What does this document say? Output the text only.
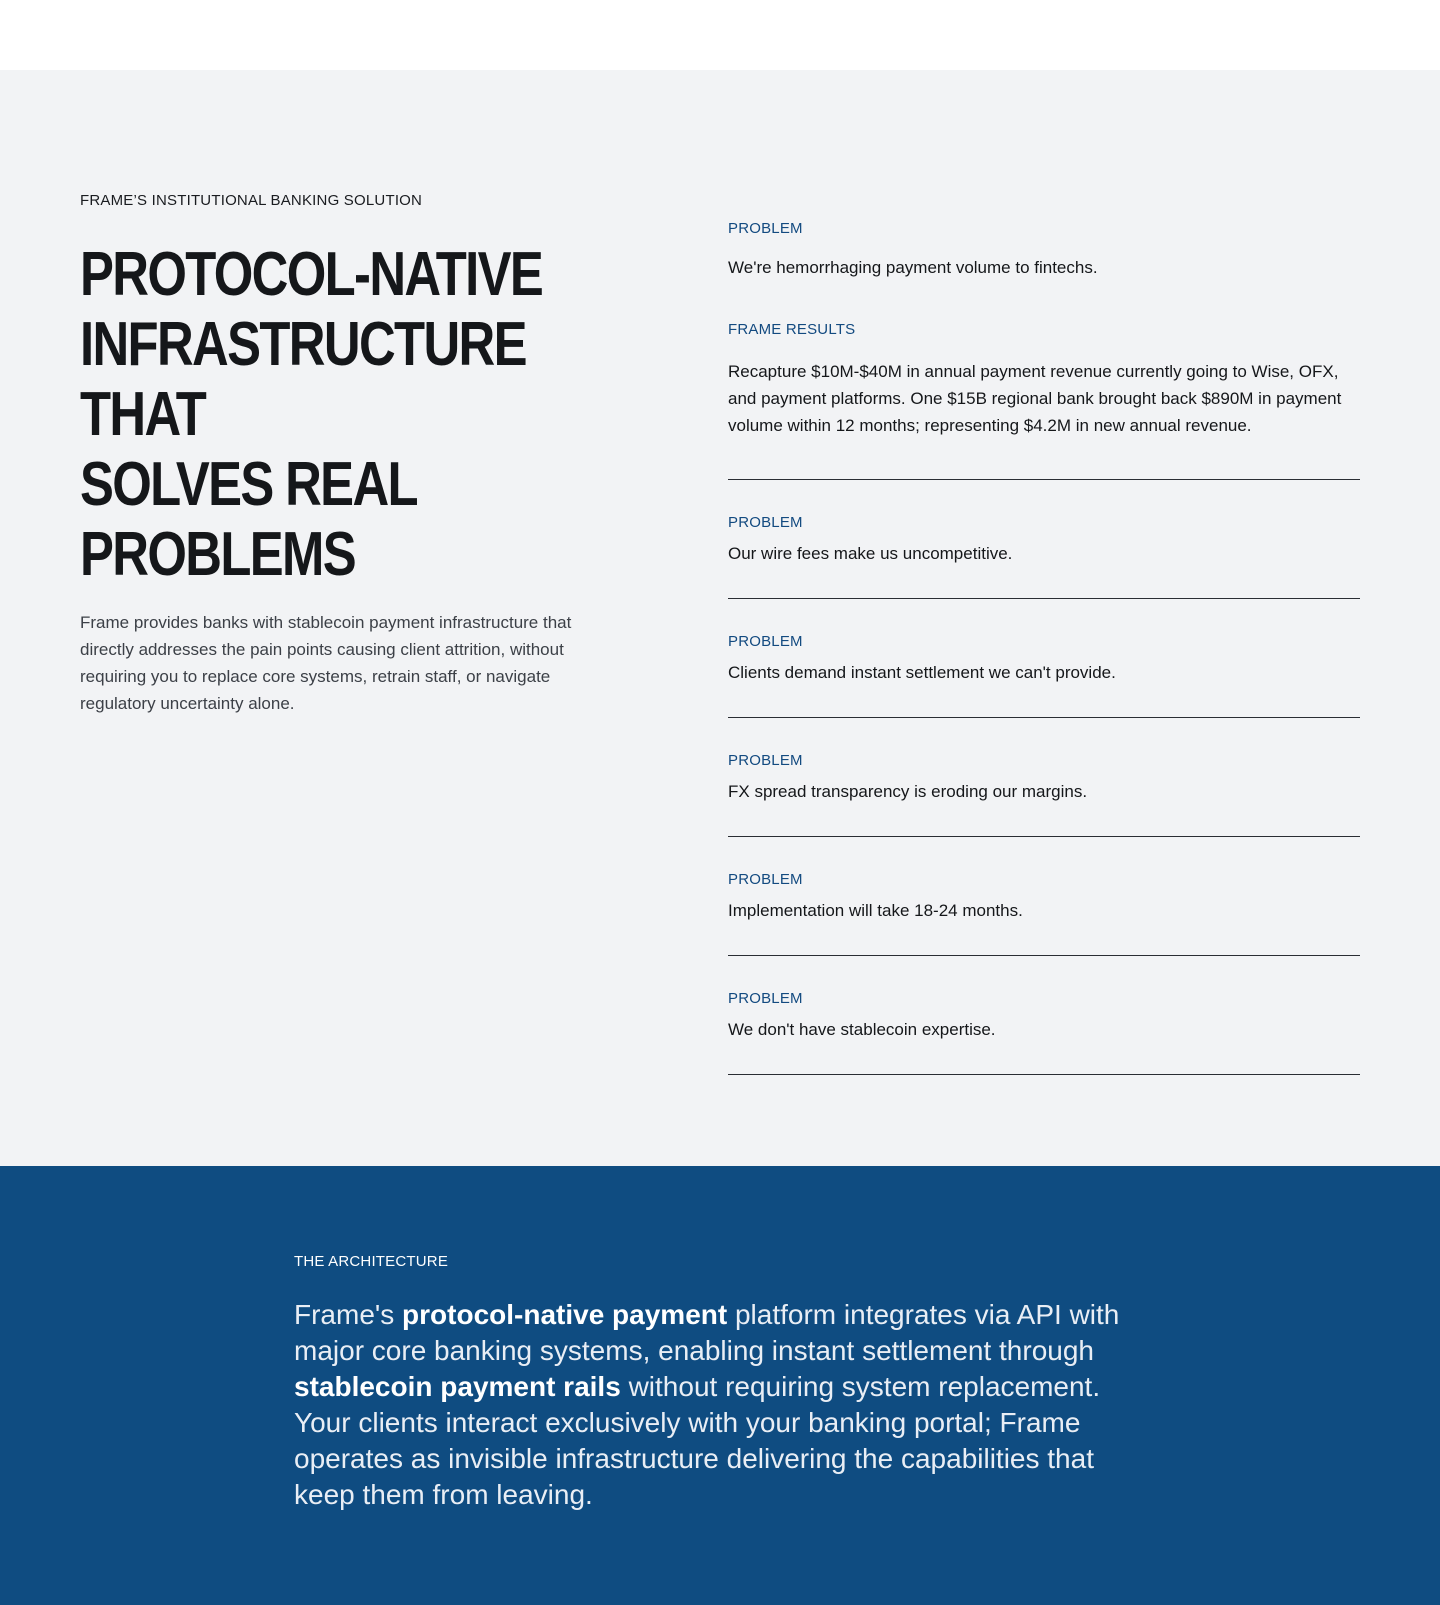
FRAME’S INSTITUTIONAL BANKING SOLUTION

PROTOCOL-NATIVE
INFRASTRUCTURE THAT
SOLVES REAL
PROBLEMS

Frame provides banks with stablecoin payment infrastructure that directly addresses the pain points causing client attrition, without requiring you to replace core systems, retrain staff, or navigate regulatory uncertainty alone.

PROBLEM

We're hemorrhaging payment volume to fintechs.

FRAME RESULTS

Recapture $10M-$40M in annual payment revenue currently going to Wise, OFX, and payment platforms. One $15B regional bank brought back $890M in payment volume within 12 months; representing $4.2M in new annual revenue.

PROBLEM

Our wire fees make us uncompetitive.

PROBLEM

Clients demand instant settlement we can't provide.

PROBLEM

FX spread transparency is eroding our margins.

PROBLEM

Implementation will take 18-24 months.

PROBLEM

We don't have stablecoin expertise.

THE ARCHITECTURE

Frame's protocol-native payment platform integrates via API with major core banking systems, enabling instant settlement through stablecoin payment rails without requiring system replacement. Your clients interact exclusively with your banking portal; Frame operates as invisible infrastructure delivering the capabilities that keep them from leaving.
